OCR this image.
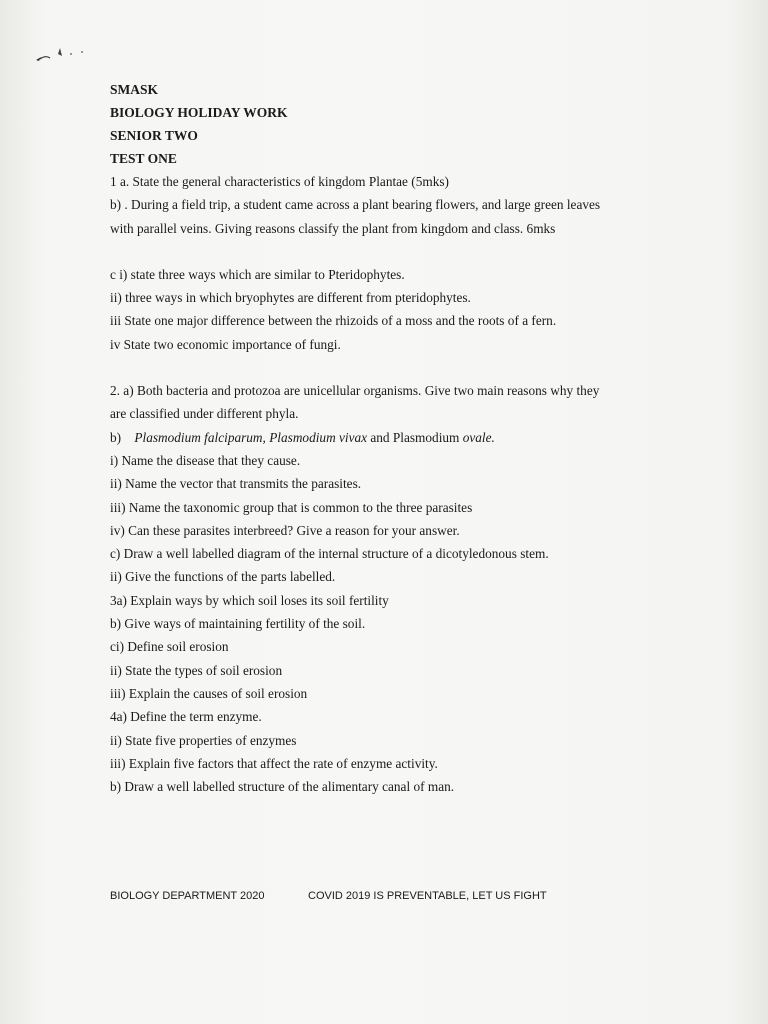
SMASK
BIOLOGY HOLIDAY WORK
SENIOR TWO
TEST ONE
1 a. State the general characteristics of kingdom Plantae (5mks)
b) . During a field trip, a student came across a plant bearing flowers, and large green leaves
with parallel veins. Giving reasons classify the plant from kingdom and class. 6mks
c i) state three ways which are similar to Pteridophytes.
ii) three ways in which bryophytes are different from pteridophytes.
iii State one major difference between the rhizoids of a moss and the roots of a fern.
iv State two economic importance of fungi.
2. a) Both bacteria and protozoa are unicellular organisms. Give two main reasons why they
are classified under different phyla.
b) Plasmodium falciparum, Plasmodium vivax and Plasmodium ovale.
i) Name the disease that they cause.
ii) Name the vector that transmits the parasites.
iii) Name the taxonomic group that is common to the three parasites
iv) Can these parasites interbreed? Give a reason for your answer.
c) Draw a well labelled diagram of the internal structure of a dicotyledonous stem.
ii) Give the functions of the parts labelled.
3a) Explain ways by which soil loses its soil fertility
b) Give ways of maintaining fertility of the soil.
ci) Define soil erosion
ii) State the types of soil erosion
iii) Explain the causes of soil erosion
4a) Define the term enzyme.
ii) State five properties of enzymes
iii) Explain five factors that affect the rate of enzyme activity.
b) Draw a well labelled structure of the alimentary canal of man.
BIOLOGY DEPARTMENT 2020	COVID 2019 IS PREVENTABLE, LET US FIGHT
